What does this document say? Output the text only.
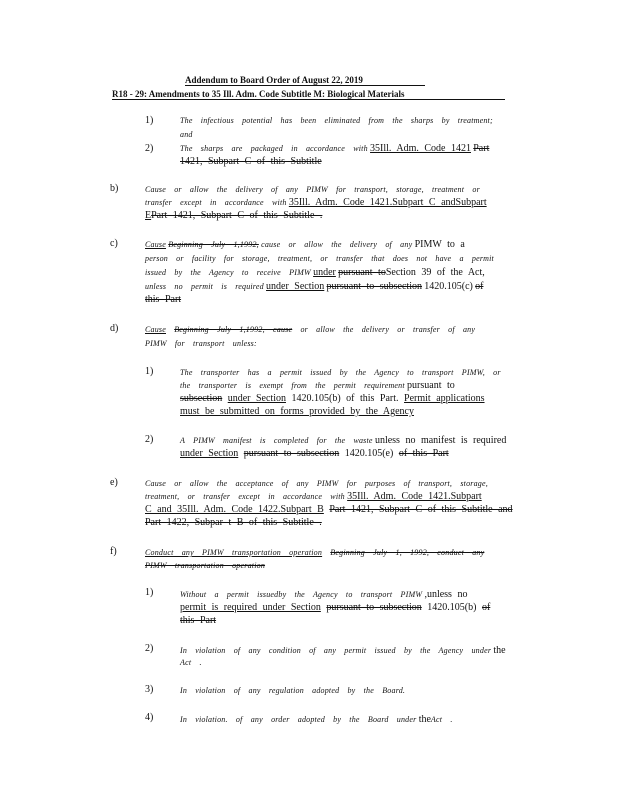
Addendum to Board Order of August 22, 2019
R18 - 29: Amendments to 35 Ill. Adm. Code Subtitle M: Biological Materials
1)	The infectious potential has been eliminated from the sharps by treatment;
and
2)	The sharps are packaged in accordance with 35Ill. Adm. Code 1421 Part
1421, Subpart C of this Subtitle
b)	Cause or allow the delivery of any PIMW for transport, storage, treatment or
transfer except in accordance with 35Ill. Adm. Code 1421.Subpart C andSubpart
EPart 1421, Subpart C of this Subtitle .
c)	Cause Beginning July 1,1992, cause or allow the delivery of any PIMW to a
person or facility for storage, treatment, or transfer that does not have a permit
issued by the Agency to receive PIMW under pursuant toSection 39 of the Act,
unless no permit is required under Section pursuant to subsection 1420.105(c) of
this Part
d)	Cause Beginning July 1,1992, cause or allow the delivery or transfer of any
PIMW for transport unless:
1)	The transporter has a permit issued by the Agency to transport PIMW, or
the transporter is exempt from the permit requirement pursuant to
subsection under Section 1420.105(b) of this Part. Permit applications
must be submitted on forms provided by the Agency
2)	A PIMW manifest is completed for the waste unless no manifest is required
under Section pursuant to subsection 1420.105(e) of this Part
e)	Cause or allow the acceptance of any PIMW for purposes of transport, storage,
treatment, or transfer except in accordance with 35Ill. Adm. Code 1421.Subpart
C and 35Ill. Adm. Code 1422.Subpart B Part 1421, Subpart C of this Subtitle and
Part 1422, Subpar t B of this Subtitle .
f)	Conduct any PIMW transportation operation Beginning July 1, 1992, conduct any
PIMW transportation operation
1)	Without a permit issuedby the Agency to transport PIMW ,unless no
permit is required under Section pursuant to subsection 1420.105(b) of
this Part
2)	In violation of any condition of any permit issued by the Agency under the
Act .
3)	In violation of any regulation adopted by the Board.
4)	In violation. of any order adopted by the Board under theAct .
